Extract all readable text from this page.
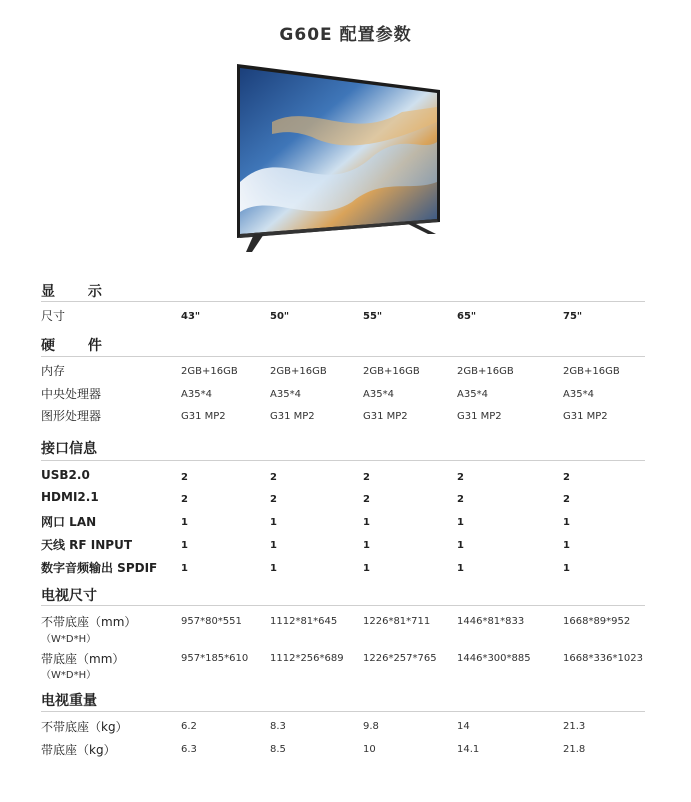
G60E 配置参数
显 示
尺寸	43"	50"	55"	65"	75"
硬 件
内存	2GB+16GB	2GB+16GB	2GB+16GB	2GB+16GB	2GB+16GB
中央处理器	A35*4	A35*4	A35*4	A35*4	A35*4
图形处理器	G31 MP2	G31 MP2	G31 MP2	G31 MP2	G31 MP2
接口信息
USB2.0	2	2	2	2	2
HDMI2.1	2	2	2	2	2
网口 LAN	1	1	1	1	1
天线 RF INPUT	1	1	1	1	1
数字音频输出 SPDIF 1	1	1	1	1
电视尺寸
不带底座（mm）
（W*D*H）
957*80*551	1112*81*645	1226*81*711	1446*81*833	1668*89*952
带底座（mm）
（W*D*H）
957*185*610 1112*256*689 1226*257*765 1446*300*885	1668*336*1023
电视重量
不带底座（kg）	6.2	8.3	9.8	14	21.3
带底座（kg）	6.3	8.5	10	14.1	21.8
